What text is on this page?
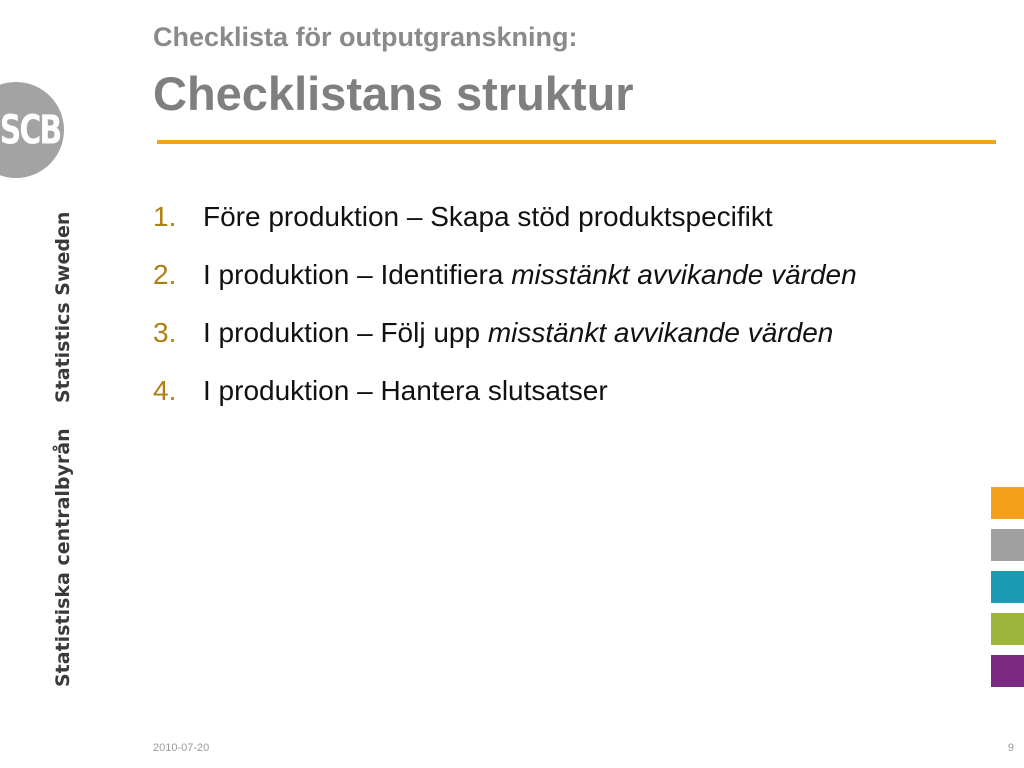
SCB
Statistics Sweden
Statistiska centralbyrån
Checklista för outputgranskning:
Checklistans struktur
1. Före produktion – Skapa stöd produktspecifikt
2. I produktion – Identifiera misstänkt avvikande värden
3. I produktion – Följ upp misstänkt avvikande värden
4. I produktion – Hantera slutsatser
2010-07-20	9
